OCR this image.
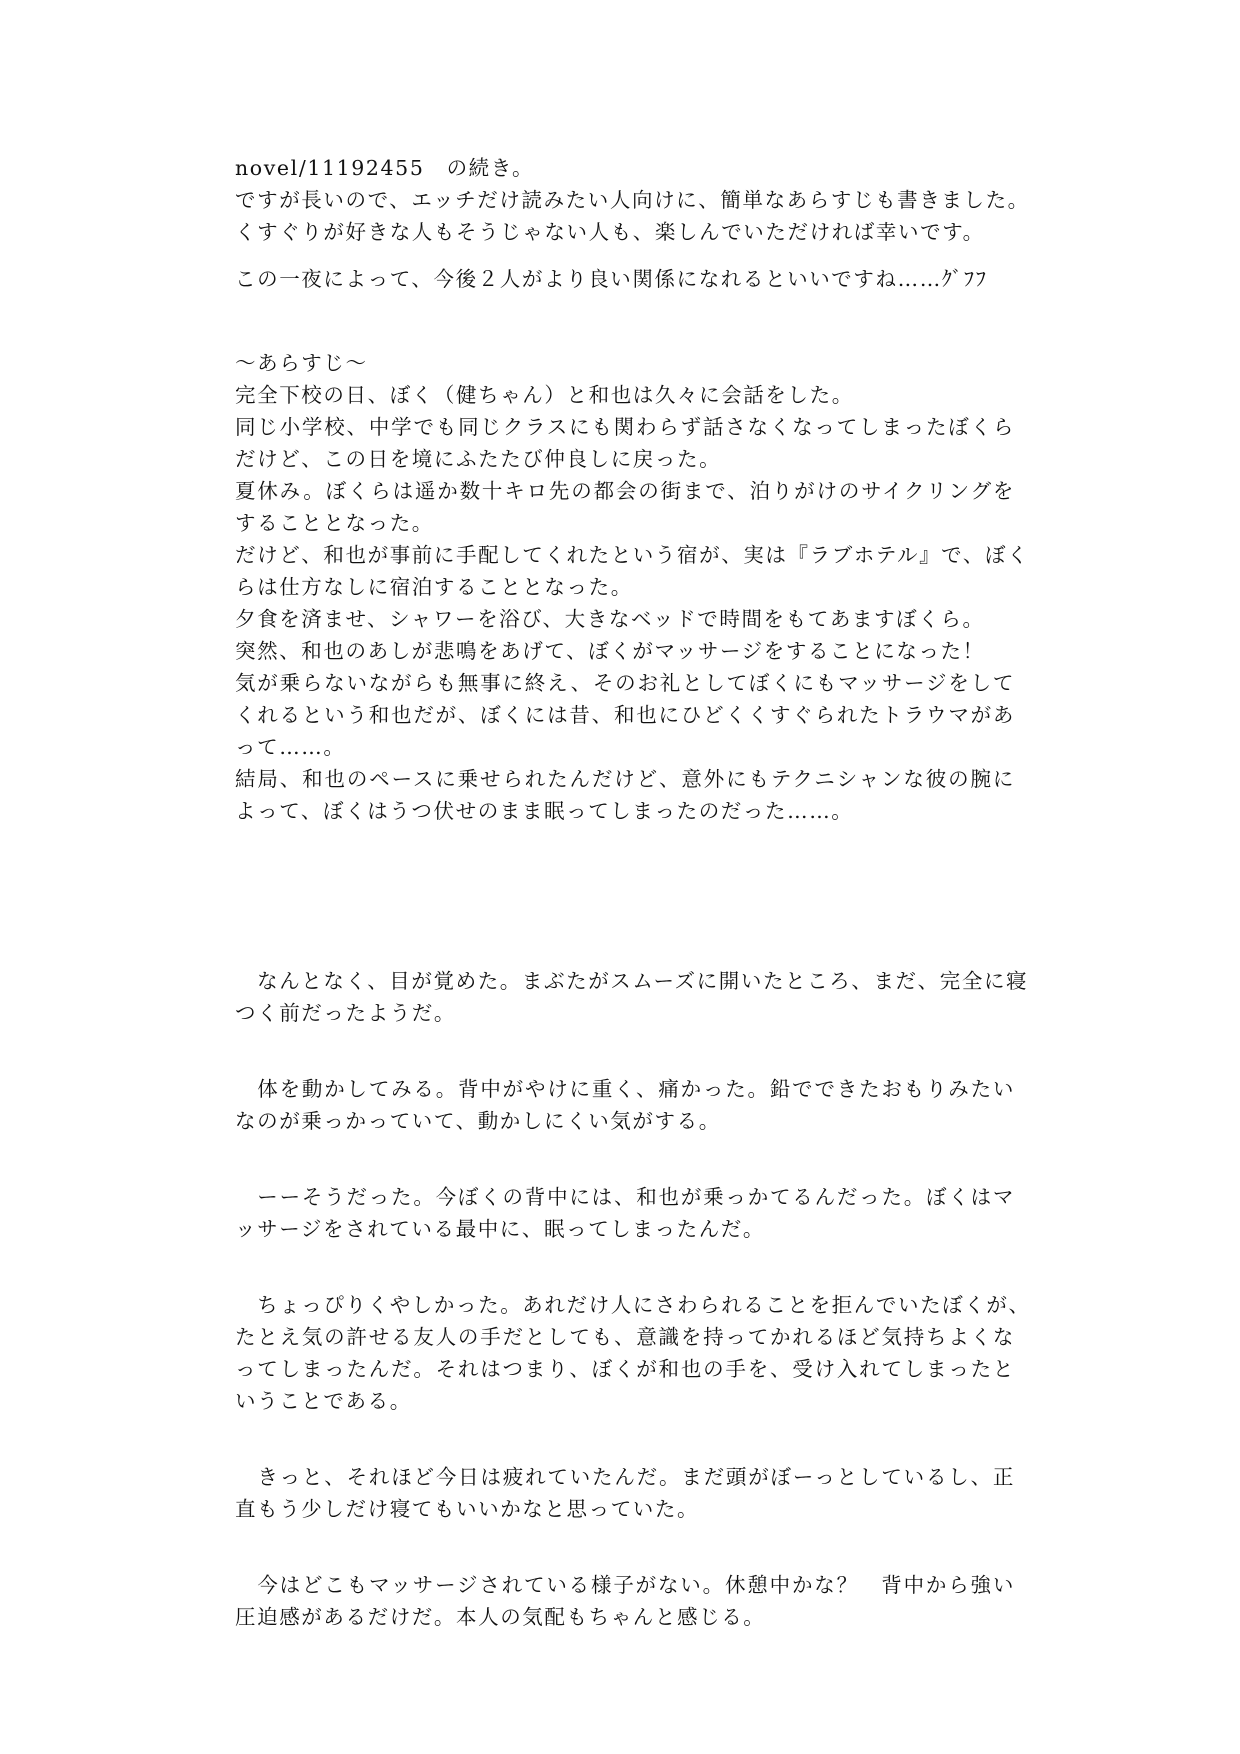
novel/11192455　の続き。
ですが長いので、エッチだけ読みたい人向けに、簡単なあらすじも書きました。
くすぐりが好きな人もそうじゃない人も、楽しんでいただければ幸いです。
この一夜によって、今後２人がより良い関係になれるといいですね……ｸﾞﾌﾌ
～あらすじ～
完全下校の日、ぼく（健ちゃん）と和也は久々に会話をした。
同じ小学校、中学でも同じクラスにも関わらず話さなくなってしまったぼくら
だけど、この日を境にふたたび仲良しに戻った。
夏休み。ぼくらは遥か数十キロ先の都会の街まで、泊りがけのサイクリングを
することとなった。
だけど、和也が事前に手配してくれたという宿が、実は『ラブホテル』で、ぼく
らは仕方なしに宿泊することとなった。
夕食を済ませ、シャワーを浴び、大きなベッドで時間をもてあますぼくら。
突然、和也のあしが悲鳴をあげて、ぼくがマッサージをすることになった！
気が乗らないながらも無事に終え、そのお礼としてぼくにもマッサージをして
くれるという和也だが、ぼくには昔、和也にひどくくすぐられたトラウマがあ
って……。
結局、和也のペースに乗せられたんだけど、意外にもテクニシャンな彼の腕に
よって、ぼくはうつ伏せのまま眠ってしまったのだった……。
　なんとなく、目が覚めた。まぶたがスムーズに開いたところ、まだ、完全に寝
つく前だったようだ。
　体を動かしてみる。背中がやけに重く、痛かった。鉛でできたおもりみたい
なのが乗っかっていて、動かしにくい気がする。
　ーーそうだった。今ぼくの背中には、和也が乗っかてるんだった。ぼくはマ
ッサージをされている最中に、眠ってしまったんだ。
　ちょっぴりくやしかった。あれだけ人にさわられることを拒んでいたぼくが、
たとえ気の許せる友人の手だとしても、意識を持ってかれるほど気持ちよくな
ってしまったんだ。それはつまり、ぼくが和也の手を、受け入れてしまったと
いうことである。
　きっと、それほど今日は疲れていたんだ。まだ頭がぼーっとしているし、正
直もう少しだけ寝てもいいかなと思っていた。
　今はどこもマッサージされている様子がない。休憩中かな？　背中から強い
圧迫感があるだけだ。本人の気配もちゃんと感じる。
